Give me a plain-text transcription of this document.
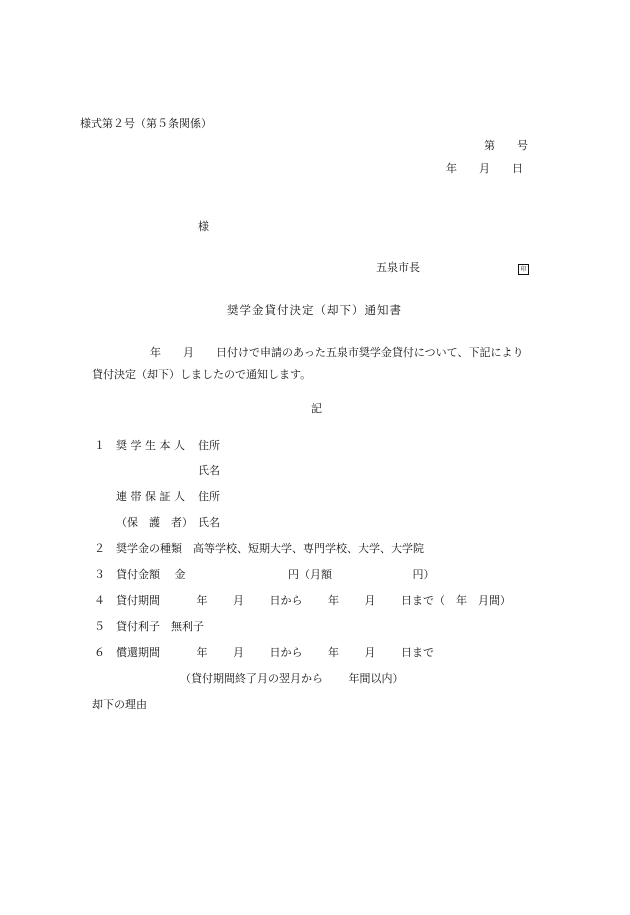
様式第２号（第５条関係）
第　　号
年　　月　　日
様
五泉市長	印
奨学金貸付決定（却下）通知書
年　　月　　日付けで申請のあった五泉市奨学金貸付について、下記により
貸付決定（却下）しましたので通知します。
記
１ 奨 学 生 本 人 住所
氏名
連 帯 保 証 人 住所
（保　護　者） 氏名
２ 奨学金の種類　高等学校、短期大学、専門学校、大学、大学院
３ 貸付金額　 金　　　　　　　　　 円（月額　　　　　　　 円）
４ 貸付期間　　　 年　　 月　　 日から　　 年　　 月　　 日まで（　年　月間）
５ 貸付利子　無利子
６ 償還期間　　　 年　　 月　　 日から　　 年　　 月　　 日まで
（貸付期間終了月の翌月から　　 年間以内）
却下の理由
